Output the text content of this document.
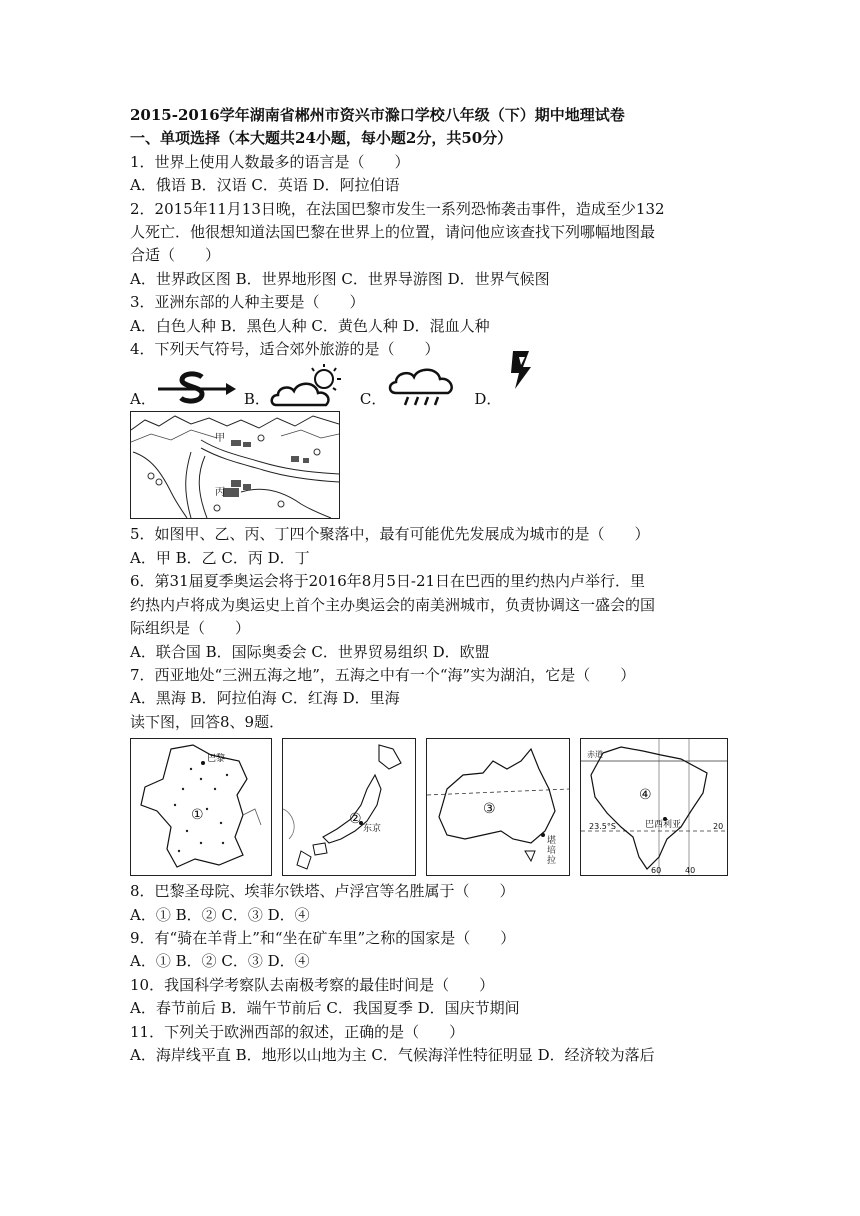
2015-2016学年湖南省郴州市资兴市滁口学校八年级（下）期中地理试卷
一、单项选择（本大题共24小题，每小题2分，共50分）
1．世界上使用人数最多的语言是（　　）
A．俄语 B．汉语 C．英语 D．阿拉伯语
2．2015年11月13日晚，在法国巴黎市发生一系列恐怖袭击事件，造成至少132
人死亡．他很想知道法国巴黎在世界上的位置，请问他应该查找下列哪幅地图最
合适（　　）
A．世界政区图 B．世界地形图 C．世界导游图 D．世界气候图
3．亚洲东部的人种主要是（　　）
A．白色人种 B．黑色人种 C．黄色人种 D．混血人种
4．下列天气符号，适合郊外旅游的是（　　）
A．	B．	C．	D．
甲
丙
5．如图甲、乙、丙、丁四个聚落中，最有可能优先发展成为城市的是（　　）
A．甲 B．乙 C．丙 D．丁
6．第31届夏季奥运会将于2016年8月5日-21日在巴西的里约热内卢举行．里
约热内卢将成为奥运史上首个主办奥运会的南美洲城市，负责协调这一盛会的国
际组织是（　　）
A．联合国 B．国际奥委会 C．世界贸易组织 D．欧盟
7．西亚地处“三洲五海之地”，五海之中有一个“海”实为湖泊，它是（　　）
A．黑海 B．阿拉伯海 C．红海 D．里海
读下图，回答8、9题．
巴黎
①
东京
②
堪
培
拉
③
赤道
巴西利亚
23.5°S	20
60	40
④
8．巴黎圣母院、埃菲尔铁塔、卢浮宫等名胜属于（　　）
A．① B．② C．③ D．④
9．有“骑在羊背上”和“坐在矿车里”之称的国家是（　　）
A．① B．② C．③ D．④
10．我国科学考察队去南极考察的最佳时间是（　　）
A．春节前后 B．端午节前后 C．我国夏季 D．国庆节期间
11．下列关于欧洲西部的叙述，正确的是（　　）
A．海岸线平直 B．地形以山地为主 C．气候海洋性特征明显 D．经济较为落后
